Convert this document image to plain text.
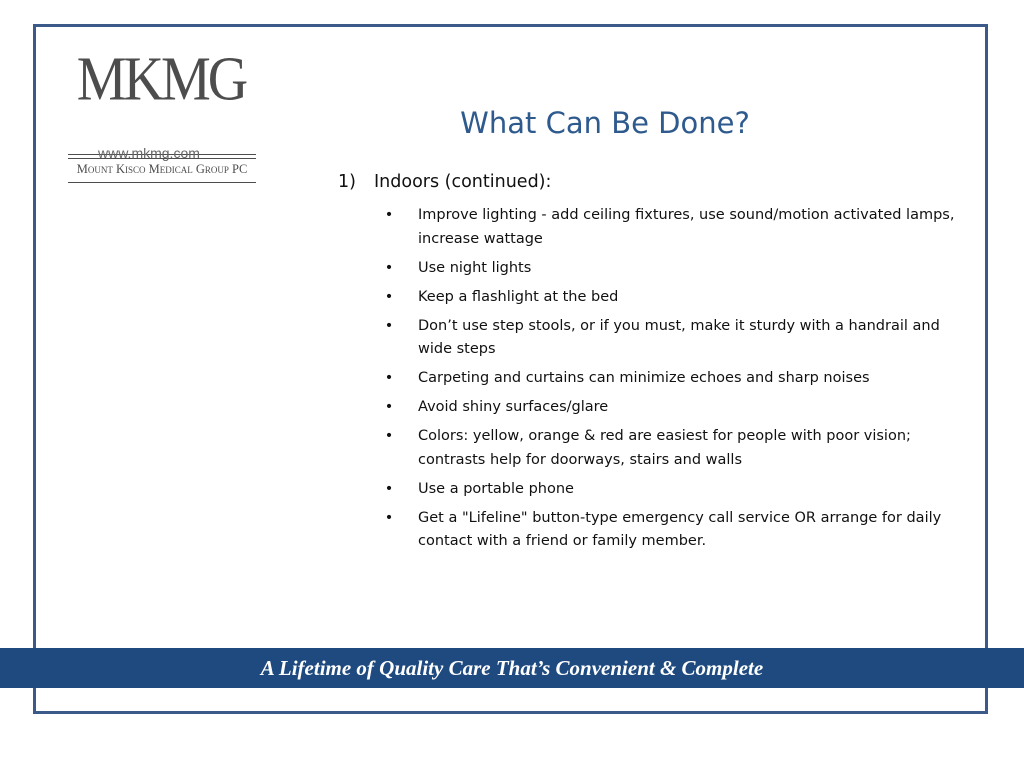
MKMG
Mount Kisco Medical Group PC
www.mkmg.com
What Can Be Done?
1) Indoors (continued):
• Improve lighting - add ceiling fixtures, use sound/motion activated lamps, increase wattage
• Use night lights
• Keep a flashlight at the bed
• Don’t use step stools, or if you must, make it sturdy with a handrail and wide steps
• Carpeting and curtains can minimize echoes and sharp noises
• Avoid shiny surfaces/glare
• Colors: yellow, orange & red are easiest for people with poor vision; contrasts help for doorways, stairs and walls
• Use a portable phone
• Get a "Lifeline" button-type emergency call service OR arrange for daily contact with a friend or family member.
A Lifetime of Quality Care That’s Convenient & Complete
